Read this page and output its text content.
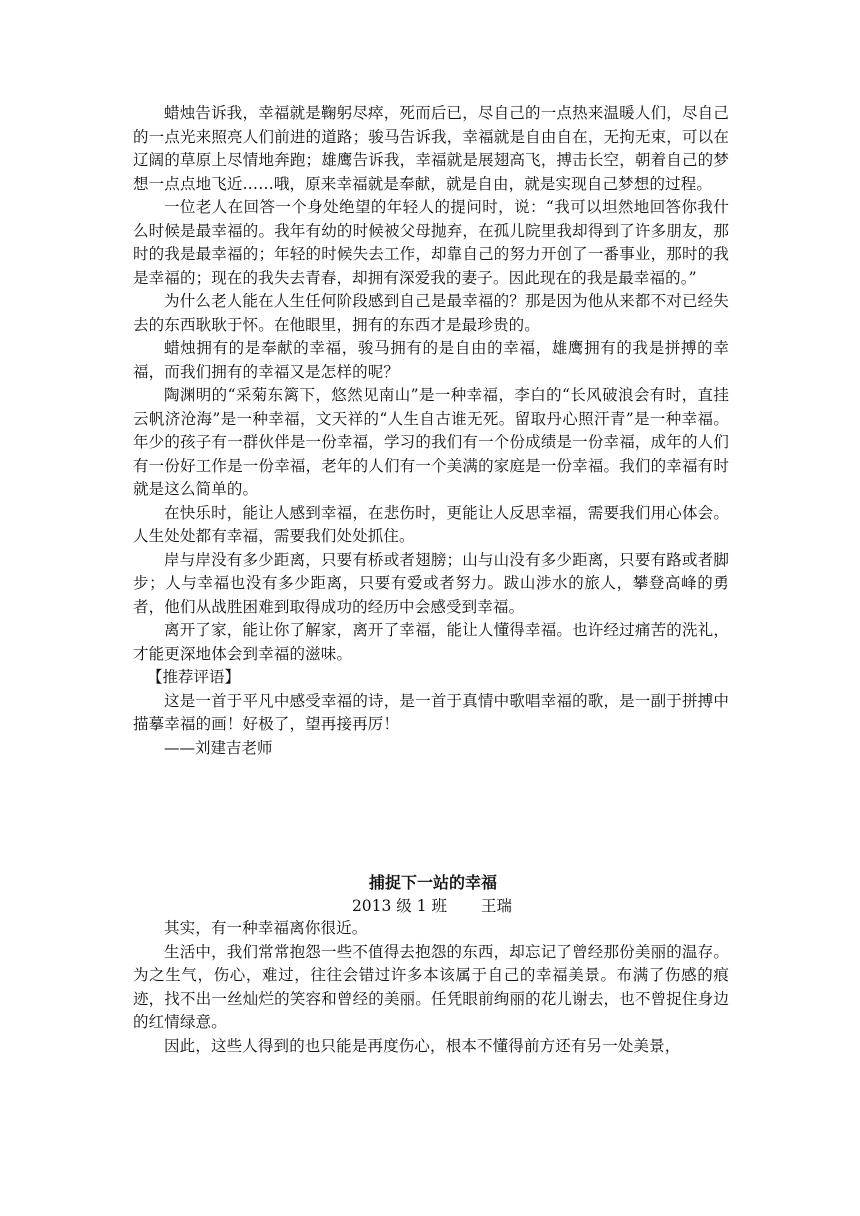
蜡烛告诉我，幸福就是鞠躬尽瘁，死而后已，尽自己的一点热来温暖人们，尽自己的一点光来照亮人们前进的道路；骏马告诉我，幸福就是自由自在，无拘无束，可以在辽阔的草原上尽情地奔跑；雄鹰告诉我，幸福就是展翅高飞，搏击长空，朝着自己的梦想一点点地飞近……哦，原来幸福就是奉献，就是自由，就是实现自己梦想的过程。

一位老人在回答一个身处绝望的年轻人的提问时，说：“我可以坦然地回答你我什么时候是最幸福的。我年有幼的时候被父母抛弃，在孤儿院里我却得到了许多朋友，那时的我是最幸福的；年轻的时候失去工作，却靠自己的努力开创了一番事业，那时的我是幸福的；现在的我失去青春，却拥有深爱我的妻子。因此现在的我是最幸福的。”

为什么老人能在人生任何阶段感到自己是最幸福的？那是因为他从来都不对已经失去的东西耿耿于怀。在他眼里，拥有的东西才是最珍贵的。

蜡烛拥有的是奉献的幸福，骏马拥有的是自由的幸福，雄鹰拥有的我是拼搏的幸福，而我们拥有的幸福又是怎样的呢？

陶渊明的“采菊东篱下，悠然见南山”是一种幸福，李白的“长风破浪会有时，直挂云帆济沧海”是一种幸福，文天祥的“人生自古谁无死。留取丹心照汗青”是一种幸福。年少的孩子有一群伙伴是一份幸福，学习的我们有一个份成绩是一份幸福，成年的人们有一份好工作是一份幸福，老年的人们有一个美满的家庭是一份幸福。我们的幸福有时就是这么简单的。

在快乐时，能让人感到幸福，在悲伤时，更能让人反思幸福，需要我们用心体会。人生处处都有幸福，需要我们处处抓住。

岸与岸没有多少距离，只要有桥或者翅膀；山与山没有多少距离，只要有路或者脚步；人与幸福也没有多少距离，只要有爱或者努力。跋山涉水的旅人，攀登高峰的勇者，他们从战胜困难到取得成功的经历中会感受到幸福。

离开了家，能让你了解家，离开了幸福，能让人懂得幸福。也许经过痛苦的洗礼，才能更深地体会到幸福的滋味。

【推荐评语】

这是一首于平凡中感受幸福的诗，是一首于真情中歌唱幸福的歌，是一副于拼搏中描摹幸福的画！好极了，望再接再厉！

——刘建吉老师

捕捉下一站的幸福

2013 级 1 班 王瑞

其实，有一种幸福离你很近。

生活中，我们常常抱怨一些不值得去抱怨的东西，却忘记了曾经那份美丽的温存。为之生气，伤心，难过，往往会错过许多本该属于自己的幸福美景。布满了伤感的痕迹，找不出一丝灿烂的笑容和曾经的美丽。任凭眼前绚丽的花儿谢去，也不曾捉住身边的红情绿意。

因此，这些人得到的也只能是再度伤心，根本不懂得前方还有另一处美景，
